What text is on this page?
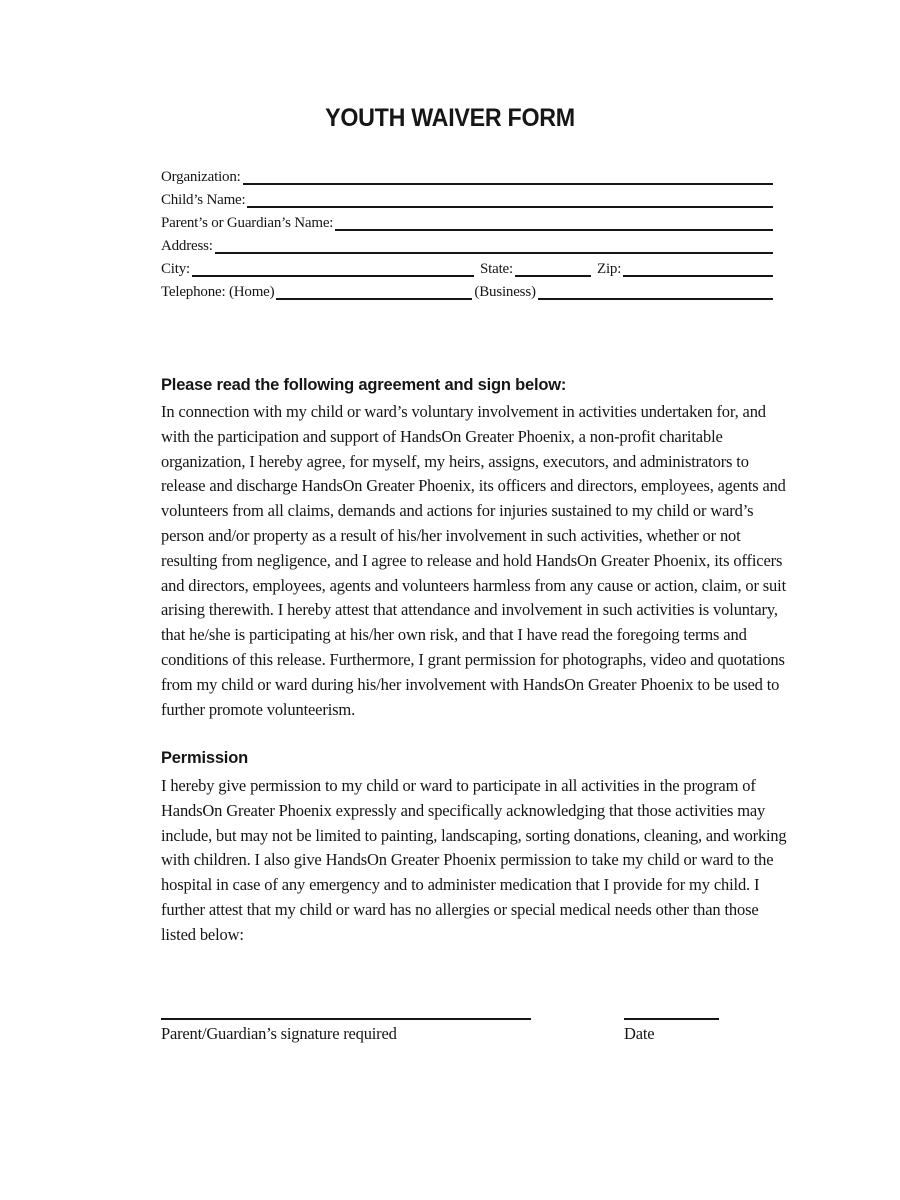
YOUTH WAIVER FORM
Organization:
Child’s Name:
Parent’s or Guardian’s Name:
Address:
City:	State:	Zip:
Telephone: (Home)	(Business)
Please read the following agreement and sign below:
In connection with my child or ward’s voluntary involvement in activities undertaken for, and
with the participation and support of HandsOn Greater Phoenix, a non-profit charitable
organization, I hereby agree, for myself, my heirs, assigns, executors, and administrators to
release and discharge HandsOn Greater Phoenix, its officers and directors, employees, agents and
volunteers from all claims, demands and actions for injuries sustained to my child or ward’s
person and/or property as a result of his/her involvement in such activities, whether or not
resulting from negligence, and I agree to release and hold HandsOn Greater Phoenix, its officers
and directors, employees, agents and volunteers harmless from any cause or action, claim, or suit
arising therewith. I hereby attest that attendance and involvement in such activities is voluntary,
that he/she is participating at his/her own risk, and that I have read the foregoing terms and
conditions of this release. Furthermore, I grant permission for photographs, video and quotations
from my child or ward during his/her involvement with HandsOn Greater Phoenix to be used to
further promote volunteerism.
Permission
I hereby give permission to my child or ward to participate in all activities in the program of
HandsOn Greater Phoenix expressly and specifically acknowledging that those activities may
include, but may not be limited to painting, landscaping, sorting donations, cleaning, and working
with children. I also give HandsOn Greater Phoenix permission to take my child or ward to the
hospital in case of any emergency and to administer medication that I provide for my child. I
further attest that my child or ward has no allergies or special medical needs other than those
listed below:
Parent/Guardian’s signature required	Date
